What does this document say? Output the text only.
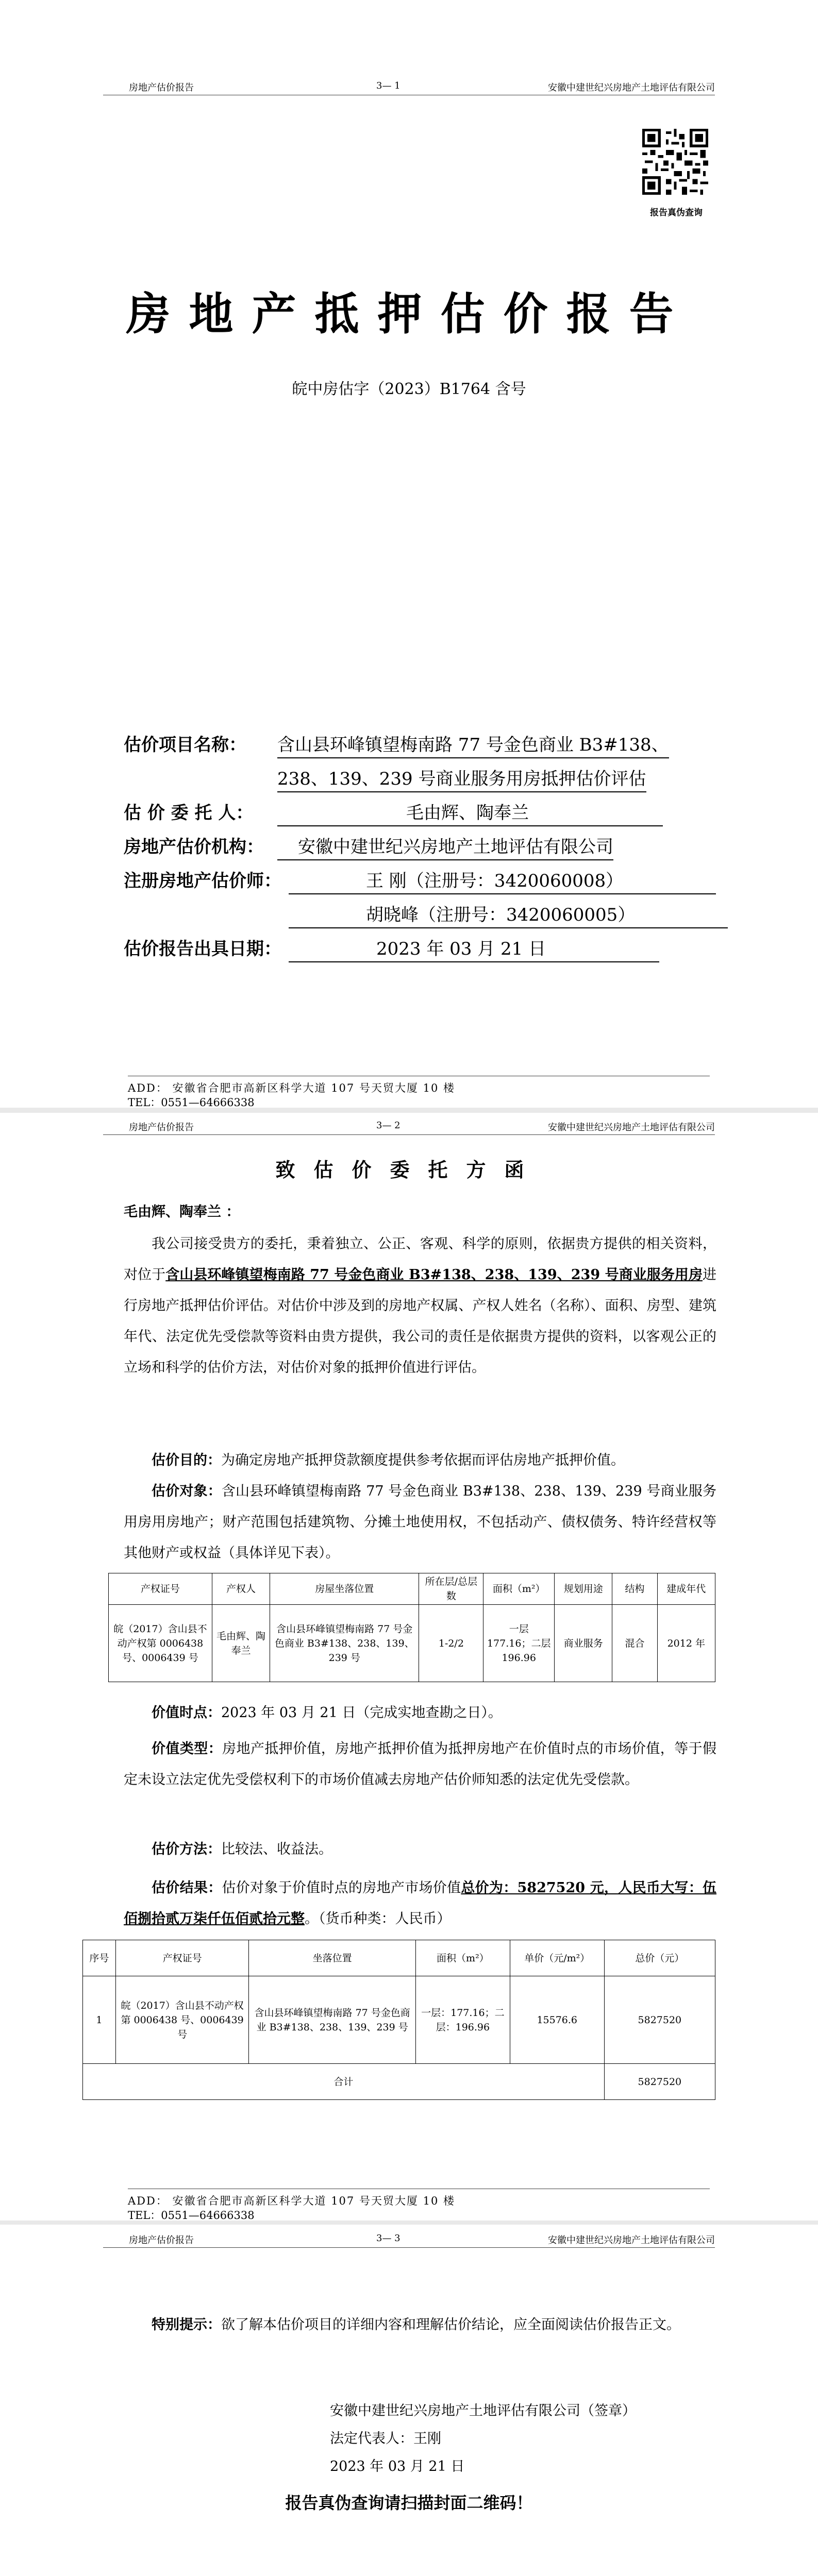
房地产估价报告	3— 1	安徽中建世纪兴房地产土地评估有限公司
报告真伪查询
房地产抵押估价报告
皖中房估字（2023）B1764 含号
估价项目名称：	含山县环峰镇望梅南路 77 号金色商业 B3#138、
238、139、239 号商业服务用房抵押估价评估
估 价 委 托 人：	毛由辉、陶奉兰
房地产估价机构：	安徽中建世纪兴房地产土地评估有限公司
注册房地产估价师：	王 刚（注册号：3420060008）
胡晓峰（注册号：3420060005）
估价报告出具日期：	2023 年 03 月 21 日
ADD： 安徽省合肥市高新区科学大道 107 号天贸大厦 10 楼
TEL：0551—64666338
房地产估价报告	3— 2	安徽中建世纪兴房地产土地评估有限公司
致估价委托方函
毛由辉、陶奉兰 ：
我公司接受贵方的委托，秉着独立、公正、客观、科学的原则，依据贵方提供的相关资料，对位于含山县环峰镇望梅南路 77 号金色商业 B3#138、238、139、239 号商业服务用房进行房地产抵押估价评估。对估价中涉及到的房地产权属、产权人姓名（名称）、面积、房型、建筑年代、法定优先受偿款等资料由贵方提供，我公司的责任是依据贵方提供的资料，以客观公正的立场和科学的估价方法，对估价对象的抵押价值进行评估。
估价目的：为确定房地产抵押贷款额度提供参考依据而评估房地产抵押价值。
估价对象：含山县环峰镇望梅南路 77 号金色商业 B3#138、238、139、239 号商业服务用房用房地产；财产范围包括建筑物、分摊土地使用权，不包括动产、债权债务、特许经营权等其他财产或权益（具体详见下表）。
产权证号	产权人	房屋坐落位置	所在层/总层数	面积（m²）	规划用途	结构	建成年代
皖（2017）含山县不动产权第 0006438 号、0006439 号	毛由辉、陶奉兰	含山县环峰镇望梅南路 77 号金色商业 B3#138、238、139、239 号	1-2/2	一层 177.16；二层 196.96	商业服务	混合	2012 年
价值时点：2023 年 03 月 21 日（完成实地查勘之日）。
价值类型：房地产抵押价值，房地产抵押价值为抵押房地产在价值时点的市场价值，等于假定未设立法定优先受偿权利下的市场价值减去房地产估价师知悉的法定优先受偿款。
估价方法：比较法、收益法。
估价结果：估价对象于价值时点的房地产市场价值总价为：5827520 元，人民币大写：伍佰捌拾贰万柒仟伍佰贰拾元整。（货币种类：人民币）
序号	产权证号	坐落位置	面积（m²）	单价（元/m²）	总价（元）
1	皖（2017）含山县不动产权第 0006438 号、0006439 号	含山县环峰镇望梅南路 77 号金色商业 B3#138、238、139、239 号	一层：177.16；二层：196.96	15576.6	5827520
合计					5827520
ADD： 安徽省合肥市高新区科学大道 107 号天贸大厦 10 楼
TEL：0551—64666338
房地产估价报告	3— 3	安徽中建世纪兴房地产土地评估有限公司
特别提示：欲了解本估价项目的详细内容和理解估价结论，应全面阅读估价报告正文。
安徽中建世纪兴房地产土地评估有限公司（签章）
法定代表人：王刚
2023 年 03 月 21 日
报告真伪查询请扫描封面二维码！
